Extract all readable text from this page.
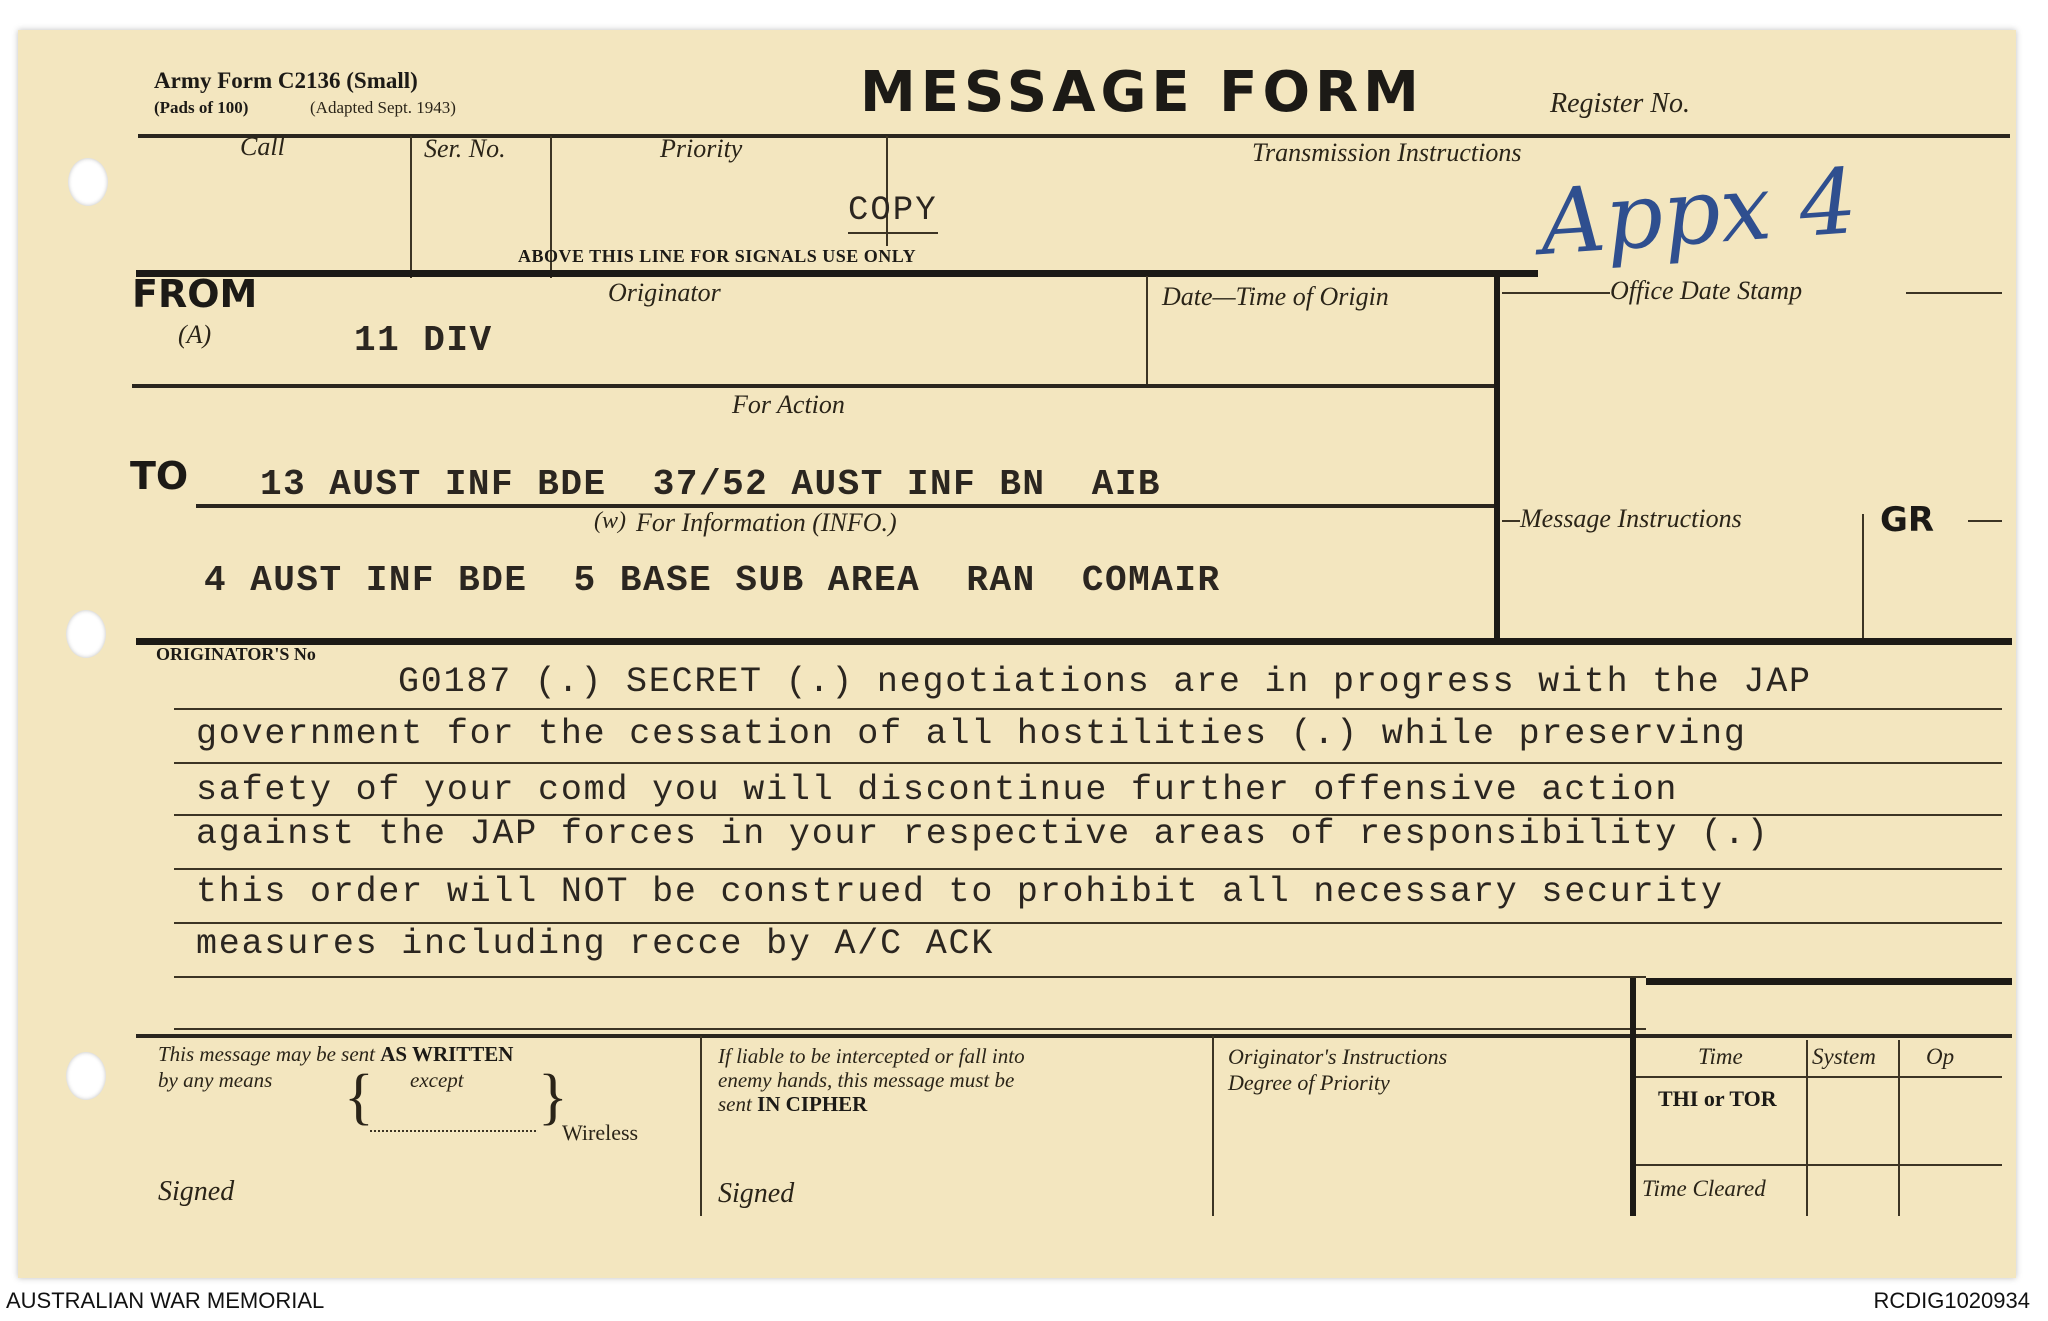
Army Form C2136 (Small)
(Pads of 100)	(Adapted Sept. 1943)	MESSAGE FORM	Register No.
Call	Ser. No.	Priority	Transmission Instructions
COPY
ABOVE THIS LINE FOR SIGNALS USE ONLY	Appx 4
FROM
(A)
Originator
11 DIV
Date—Time of Origin	Office Date Stamp
For Action
TO 13 AUST INF BDE  37/52 AUST INF BN  AIB
(w) For Information (INFO.)
4 AUST INF BDE  5 BASE SUB AREA  RAN  COMAIR
Message Instructions	GR
ORIGINATOR'S No
G0187 (.) SECRET (.) negotiations are in progress with the JAP
government for the cessation of all hostilities (.) while preserving
safety of your comd you will discontinue further offensive action
against the JAP forces in your respective areas of responsibility (.)
this order will NOT be construed to prohibit all necessary security
measures including recce by A/C ACK
This message may be sent AS WRITTEN
by any means	except
{	}
Wireless
Signed
If liable to be intercepted or fall into
enemy hands, this message must be
sent IN CIPHER
Signed
Originator's Instructions
Degree of Priority
Time	System Op
THI or TOR
Time Cleared
AUSTRALIAN WAR MEMORIAL	RCDIG1020934
